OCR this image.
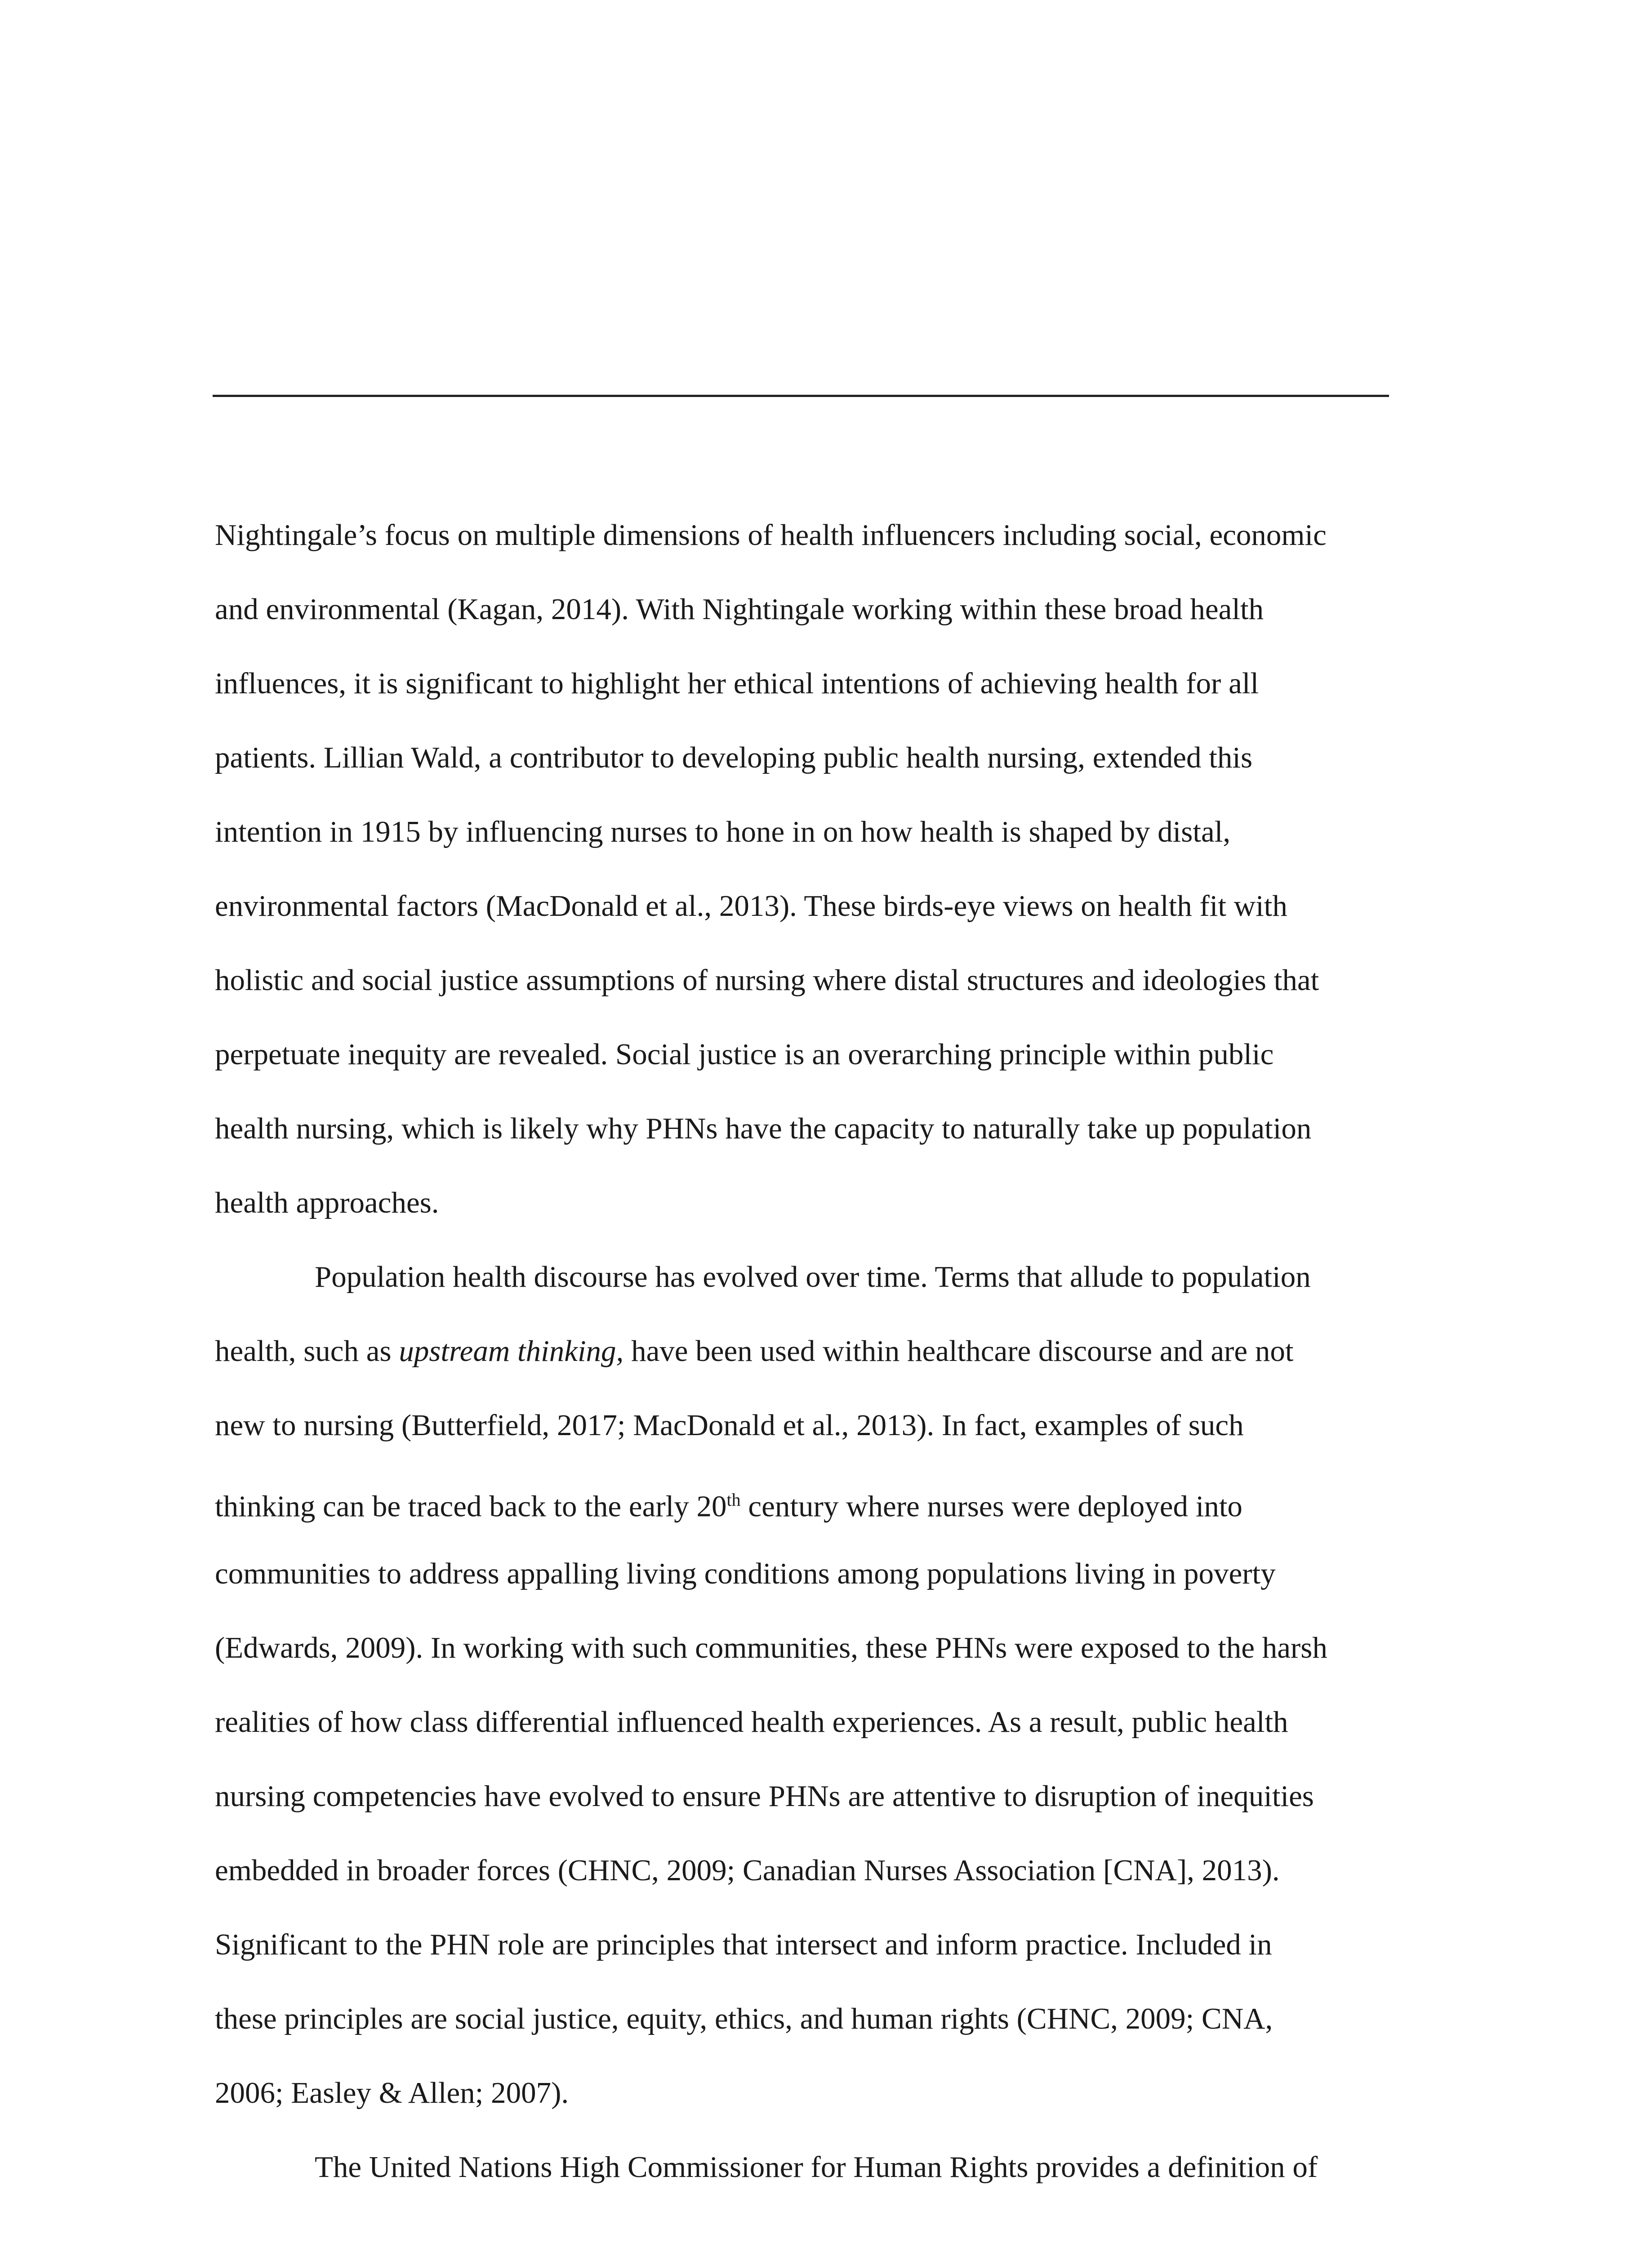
Nightingale’s focus on multiple dimensions of health influencers including social, economic
and environmental (Kagan, 2014). With Nightingale working within these broad health
influences, it is significant to highlight her ethical intentions of achieving health for all
patients. Lillian Wald, a contributor to developing public health nursing, extended this
intention in 1915 by influencing nurses to hone in on how health is shaped by distal,
environmental factors (MacDonald et al., 2013). These birds-eye views on health fit with
holistic and social justice assumptions of nursing where distal structures and ideologies that
perpetuate inequity are revealed. Social justice is an overarching principle within public
health nursing, which is likely why PHNs have the capacity to naturally take up population
health approaches.
Population health discourse has evolved over time. Terms that allude to population
health, such as upstream thinking, have been used within healthcare discourse and are not
new to nursing (Butterfield, 2017; MacDonald et al., 2013). In fact, examples of such
thinking can be traced back to the early 20th century where nurses were deployed into
communities to address appalling living conditions among populations living in poverty
(Edwards, 2009). In working with such communities, these PHNs were exposed to the harsh
realities of how class differential influenced health experiences. As a result, public health
nursing competencies have evolved to ensure PHNs are attentive to disruption of inequities
embedded in broader forces (CHNC, 2009; Canadian Nurses Association [CNA], 2013).
Significant to the PHN role are principles that intersect and inform practice. Included in
these principles are social justice, equity, ethics, and human rights (CHNC, 2009; CNA,
2006; Easley & Allen; 2007).
The United Nations High Commissioner for Human Rights provides a definition of
